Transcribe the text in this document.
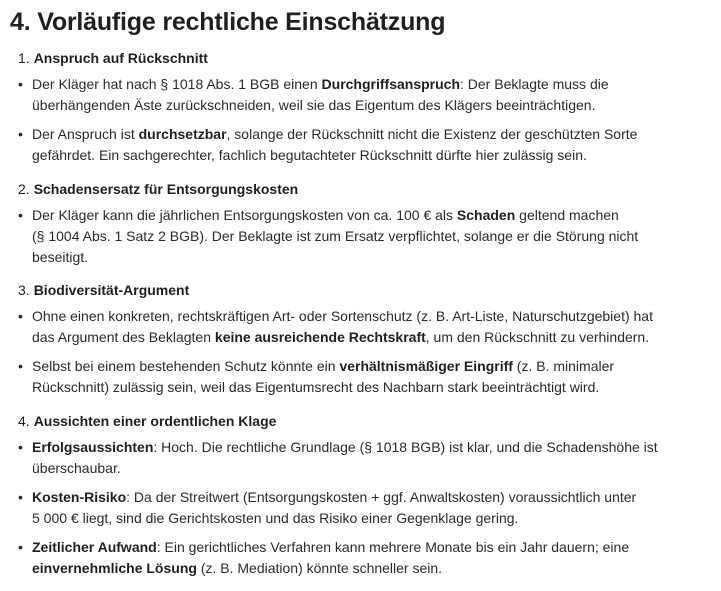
4. Vorläufige rechtliche Einschätzung
1. Anspruch auf Rückschnitt
• Der Kläger hat nach § 1018 Abs. 1 BGB einen Durchgriffsanspruch: Der Beklagte muss die
überhängenden Äste zurückschneiden, weil sie das Eigentum des Klägers beeinträchtigen.
• Der Anspruch ist durchsetzbar, solange der Rückschnitt nicht die Existenz der geschützten Sorte
gefährdet. Ein sachgerechter, fachlich begutachteter Rückschnitt dürfte hier zulässig sein.
2. Schadensersatz für Entsorgungskosten
• Der Kläger kann die jährlichen Entsorgungskosten von ca. 100 € als Schaden geltend machen
(§ 1004 Abs. 1 Satz 2 BGB). Der Beklagte ist zum Ersatz verpflichtet, solange er die Störung nicht
beseitigt.
3. Biodiversität-Argument
• Ohne einen konkreten, rechtskräftigen Art- oder Sortenschutz (z. B. Art-Liste, Naturschutzgebiet) hat
das Argument des Beklagten keine ausreichende Rechtskraft, um den Rückschnitt zu verhindern.
• Selbst bei einem bestehenden Schutz könnte ein verhältnismäßiger Eingriff (z. B. minimaler
Rückschnitt) zulässig sein, weil das Eigentumsrecht des Nachbarn stark beeinträchtigt wird.
4. Aussichten einer ordentlichen Klage
• Erfolgsaussichten: Hoch. Die rechtliche Grundlage (§ 1018 BGB) ist klar, und die Schadenshöhe ist
überschaubar.
• Kosten-Risiko: Da der Streitwert (Entsorgungskosten + ggf. Anwaltskosten) voraussichtlich unter
5 000 € liegt, sind die Gerichtskosten und das Risiko einer Gegenklage gering.
• Zeitlicher Aufwand: Ein gerichtliches Verfahren kann mehrere Monate bis ein Jahr dauern; eine
einvernehmliche Lösung (z. B. Mediation) könnte schneller sein.
